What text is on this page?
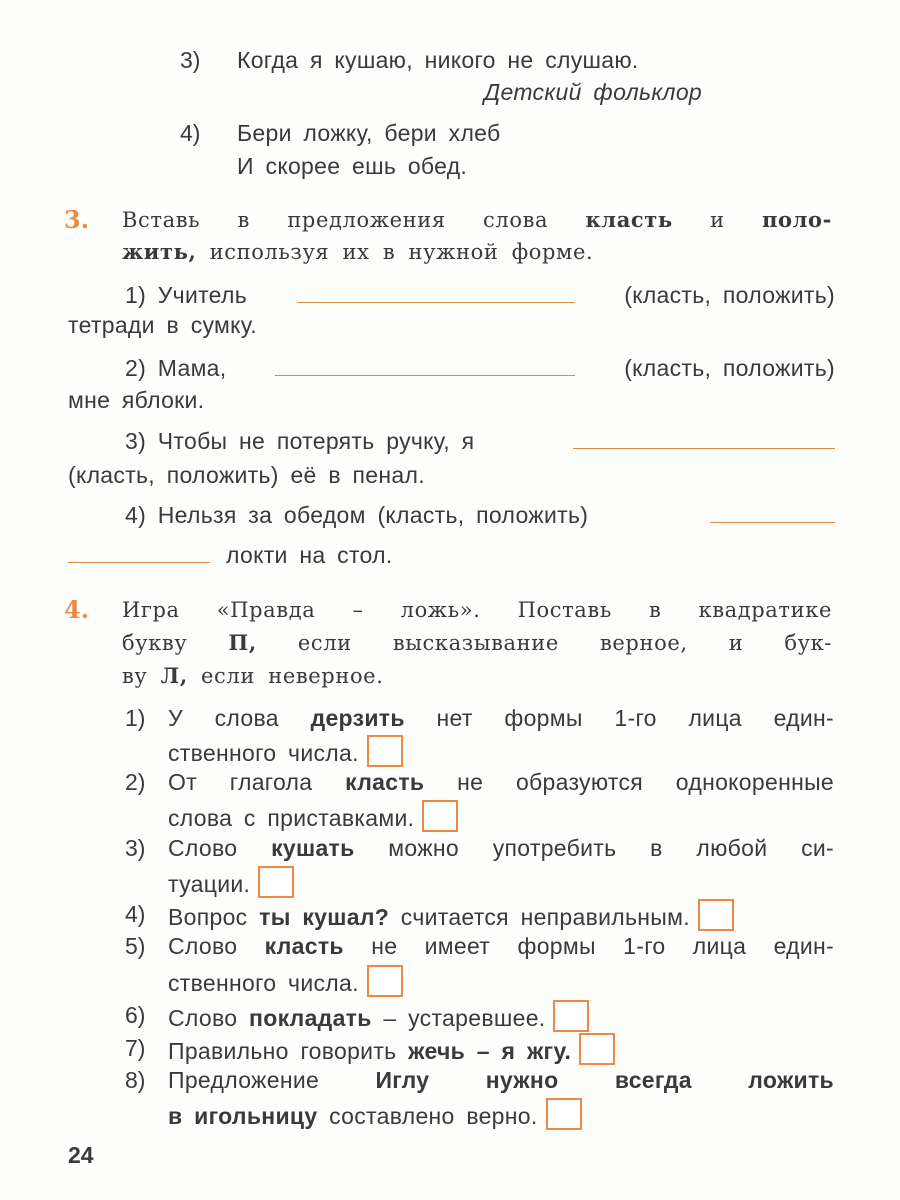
3) Когда я кушаю, никого не слушаю.
Детский фольклор
4) Бери ложку, бери хлеб
И скорее ешь обед.
3. Вставь в предложения слова класть и поло-
жить, используя их в нужной форме.
1) Учитель	(класть, положить)
тетради в сумку.
2) Мама,	(класть, положить)
мне яблоки.
3) Чтобы не потерять ручку, я
(класть, положить) её в пенал.
4) Нельзя за обедом (класть, положить)
локти на стол.
4. Игра «Правда – ложь». Поставь в квадратике
букву П, если высказывание верное, и бук-
ву Л, если неверное.
1) У слова дерзить нет формы 1-го лица един-
ственного числа.
2) От глагола класть не образуются однокоренные
слова с приставками.
3) Слово кушать можно употребить в любой си-
туации.
4) Вопрос ты кушал? считается неправильным.
5) Слово класть не имеет формы 1-го лица един-
ственного числа.
6) Слово покладать – устаревшее.
7) Правильно говорить жечь – я жгу.
8) Предложение Иглу нужно всегда ложить
в игольницу составлено верно.
24
